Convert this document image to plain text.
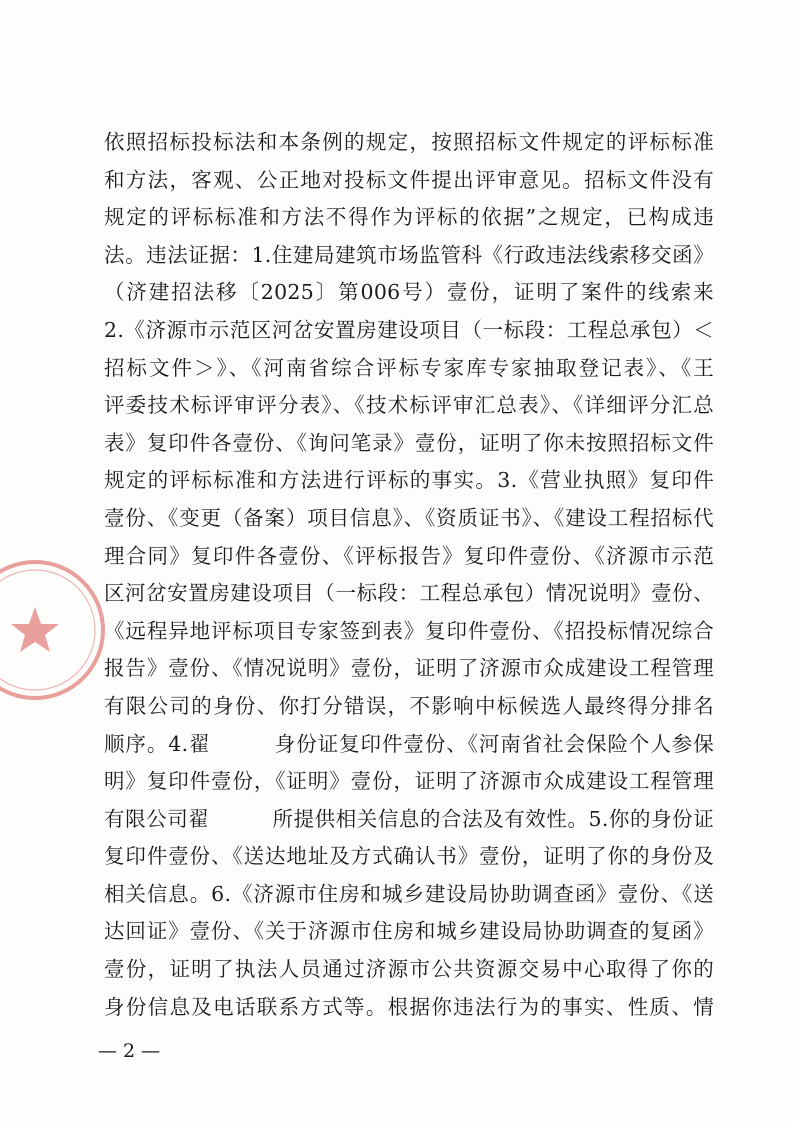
依照招标投标法和本条例的规定，按照招标文件规定的评标标准
和方法，客观、公正地对投标文件提出评审意见。招标文件没有
规定的评标标准和方法不得作为评标的依据”之规定，已构成违
法。违法证据：1.住建局建筑市场监管科《行政违法线索移交函》
（济建招法移〔2025〕第006号）壹份，证明了案件的线索来
2.《济源市示范区河岔安置房建设项目（一标段：工程总承包）＜
招标文件＞》、《河南省综合评标专家库专家抽取登记表》、《王
评委技术标评审评分表》、《技术标评审汇总表》、《详细评分汇总
表》复印件各壹份、《询问笔录》壹份，证明了你未按照招标文件
规定的评标标准和方法进行评标的事实。3.《营业执照》复印件
壹份、《变更（备案）项目信息》、《资质证书》、《建设工程招标代
理合同》复印件各壹份、《评标报告》复印件壹份、《济源市示范
区河岔安置房建设项目（一标段：工程总承包）情况说明》壹份、
《远程异地评标项目专家签到表》复印件壹份、《招投标情况综合
报告》壹份、《情况说明》壹份，证明了济源市众成建设工程管理
有限公司的身份、你打分错误，不影响中标候选人最终得分排名
顺序。4.翟　　　身份证复印件壹份、《河南省社会保险个人参保
明》复印件壹份，《证明》壹份，证明了济源市众成建设工程管理
有限公司翟　　　所提供相关信息的合法及有效性。5.你的身份证
复印件壹份、《送达地址及方式确认书》壹份，证明了你的身份及
相关信息。6.《济源市住房和城乡建设局协助调查函》壹份、《送
达回证》壹份、《关于济源市住房和城乡建设局协助调查的复函》
壹份，证明了执法人员通过济源市公共资源交易中心取得了你的
身份信息及电话联系方式等。根据你违法行为的事实、性质、情
— 2 —
